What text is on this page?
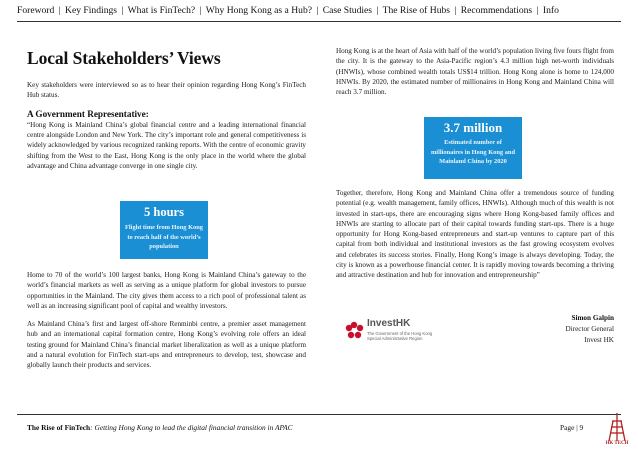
Foreword | Key Findings | What is FinTech? | Why Hong Kong as a Hub? | Case Studies | The Rise of Hubs | Recommendations | Info
Local Stakeholders’ Views

Key stakeholders were interviewed so as to hear their opinion regarding Hong Kong’s FinTech Hub status.

A Government Representative:

“Hong Kong is Mainland China’s global financial centre and a leading international financial centre alongside London and New York. The city’s important role and general competitiveness is widely acknowledged by various recognized ranking reports. With the centre of economic gravity shifting from the West to the East, Hong Kong is the only place in the world where the global advantage and China advantage converge in one single city.

5 hours
Flight time from Hong Kong to reach half of the world’s population

Home to 70 of the world’s 100 largest banks, Hong Kong is Mainland China’s gateway to the world’s financial markets as well as serving as a unique platform for global investors to pursue opportunities in the Mainland. The city gives them access to a rich pool of professional talent as well as an increasing significant pool of capital and wealthy investors.

As Mainland China’s first and largest off-shore Renminbi centre, a premier asset management hub and an international capital formation centre, Hong Kong’s evolving role offers an ideal testing ground for Mainland China’s financial market liberalization as well as a unique platform and a natural evolution for FinTech start-ups and entrepreneurs to develop, test, showcase and globally launch their products and services.

Hong Kong is at the heart of Asia with half of the world’s population living five fours flight from the city. It is the gateway to the Asia-Pacific region’s 4.3 million high net-worth individuals (HNWIs), whose combined wealth totals US$14 trillion. Hong Kong alone is home to 124,000 HNWIs. By 2020, the estimated number of millionaires in Hong Kong and Mainland China will reach 3.7 million.

3.7 million
Estimated number of millionaires in Hong Kong and Mainland China by 2020

Together, therefore, Hong Kong and Mainland China offer a tremendous source of funding potential (e.g. wealth management, family offices, HNWIs). Although much of this wealth is not invested in start-ups, there are encouraging signs where Hong Kong-based family offices and HNWIs are starting to allocate part of their capital towards funding start-ups. There is a huge opportunity for Hong Kong-based entrepreneurs and start-up ventures to capture part of this capital from both individual and institutional investors as the fast growing ecosystem evolves and celebrates its success stories. Finally, Hong Kong’s image is always developing. Today, the city is known as a powerhouse financial center. It is rapidly moving towards becoming a thriving and attractive destination and hub for innovation and entrepreneurship”

InvestHK
The Government of the Hong Kong
Special Administrative Region
Simon Galpin
Director General
Invest HK
The Rise of FinTech: Getting Hong Kong to lead the digital financial transition in APAC	Page | 9
HK TECH
